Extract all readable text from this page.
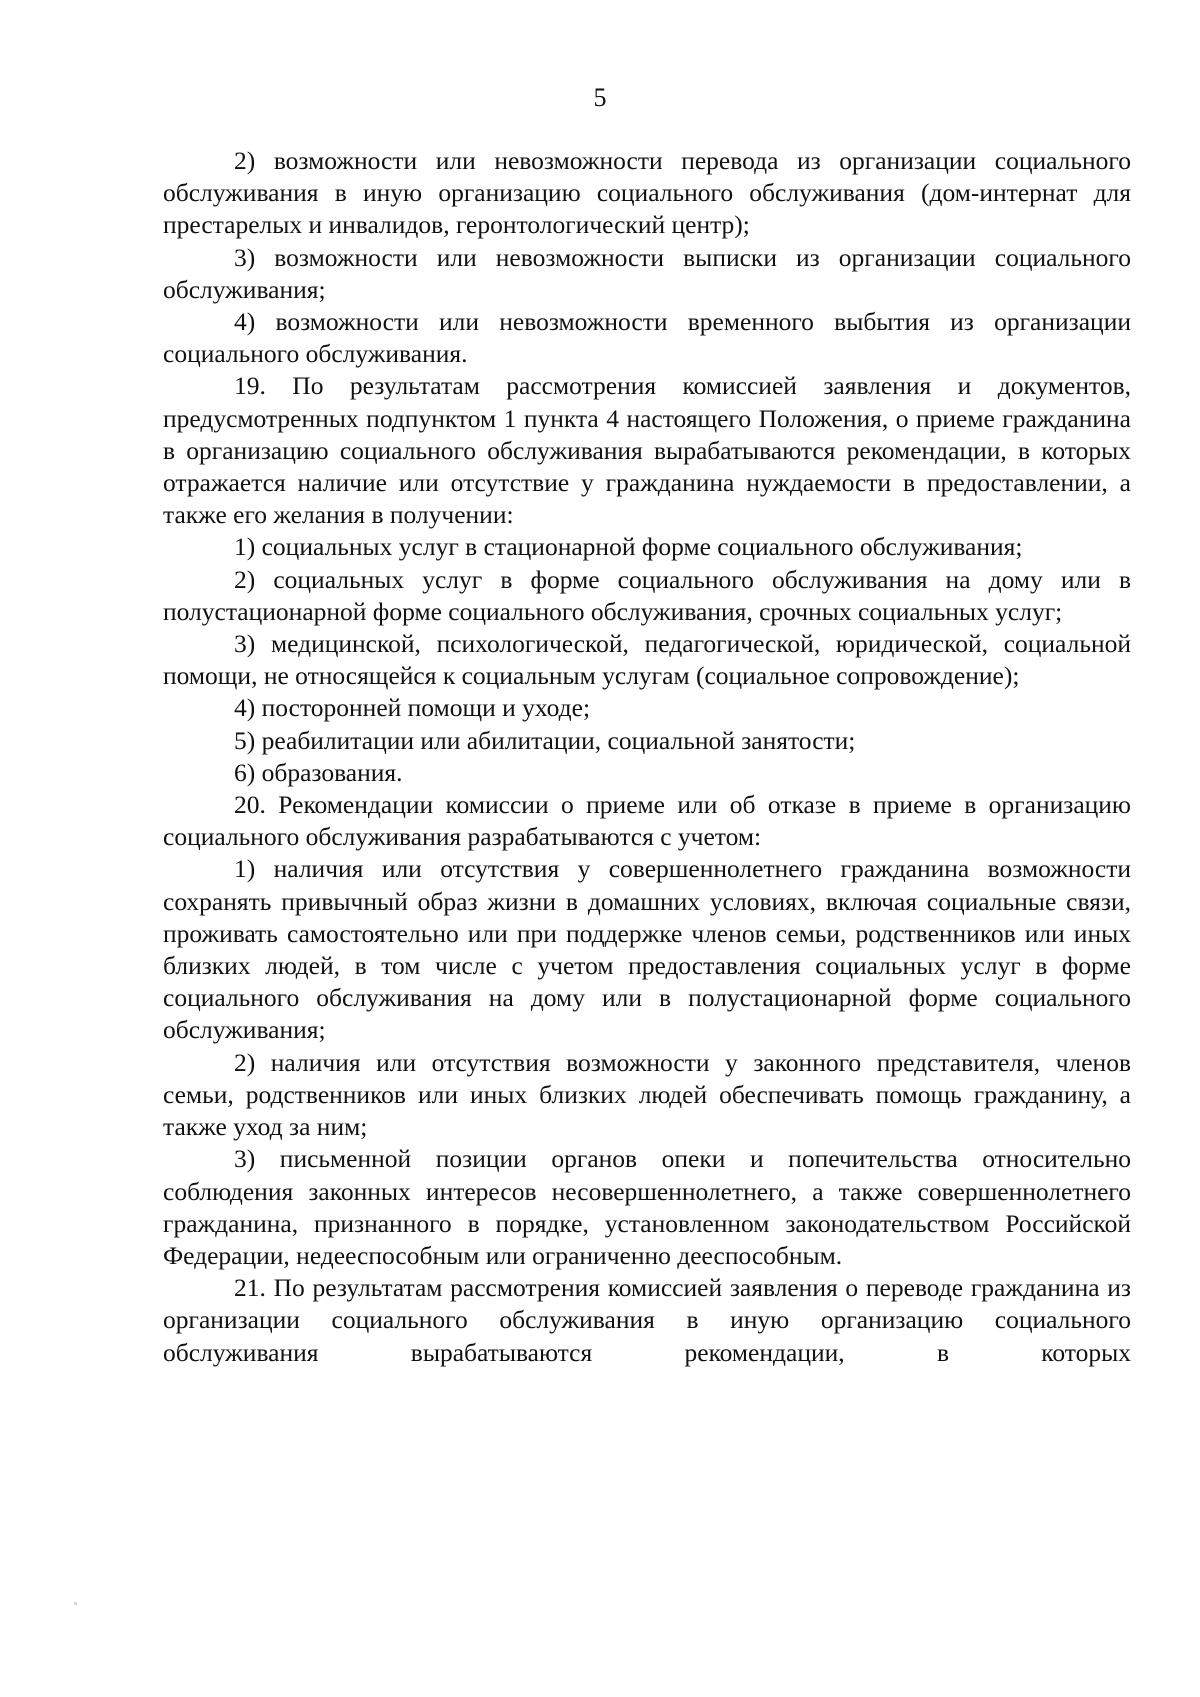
5

2) возможности или невозможности перевода из организации социального обслуживания в иную организацию социального обслуживания (дом-интернат для престарелых и инвалидов, геронтологический центр);

3) возможности или невозможности выписки из организации социального обслуживания;

4) возможности или невозможности временного выбытия из организации социального обслуживания.

19. По результатам рассмотрения комиссией заявления и документов, предусмотренных подпунктом 1 пункта 4 настоящего Положения, о приеме гражданина в организацию социального обслуживания вырабатываются рекомендации, в которых отражается наличие или отсутствие у гражданина нуждаемости в предоставлении, а также его желания в получении:

1) социальных услуг в стационарной форме социального обслуживания;

2) социальных услуг в форме социального обслуживания на дому или в полустационарной форме социального обслуживания, срочных социальных услуг;

3) медицинской, психологической, педагогической, юридической, социальной помощи, не относящейся к социальным услугам (социальное сопровождение);

4) посторонней помощи и уходе;

5) реабилитации или абилитации, социальной занятости;

6) образования.

20. Рекомендации комиссии о приеме или об отказе в приеме в организацию социального обслуживания разрабатываются с учетом:

1) наличия или отсутствия у совершеннолетнего гражданина возможности сохранять привычный образ жизни в домашних условиях, включая социальные связи, проживать самостоятельно или при поддержке членов семьи, родственников или иных близких людей, в том числе с учетом предоставления социальных услуг в форме социального обслуживания на дому или в полустационарной форме социального обслуживания;

2) наличия или отсутствия возможности у законного представителя, членов семьи, родственников или иных близких людей обеспечивать помощь гражданину, а также уход за ним;

3) письменной позиции органов опеки и попечительства относительно соблюдения законных интересов несовершеннолетнего, а также совершеннолетнего гражданина, признанного в порядке, установленном законодательством Российской Федерации, недееспособным или ограниченно дееспособным.

21. По результатам рассмотрения комиссией заявления о переводе гражданина из организации социального обслуживания в иную организацию социального обслуживания вырабатываются рекомендации, в которых
